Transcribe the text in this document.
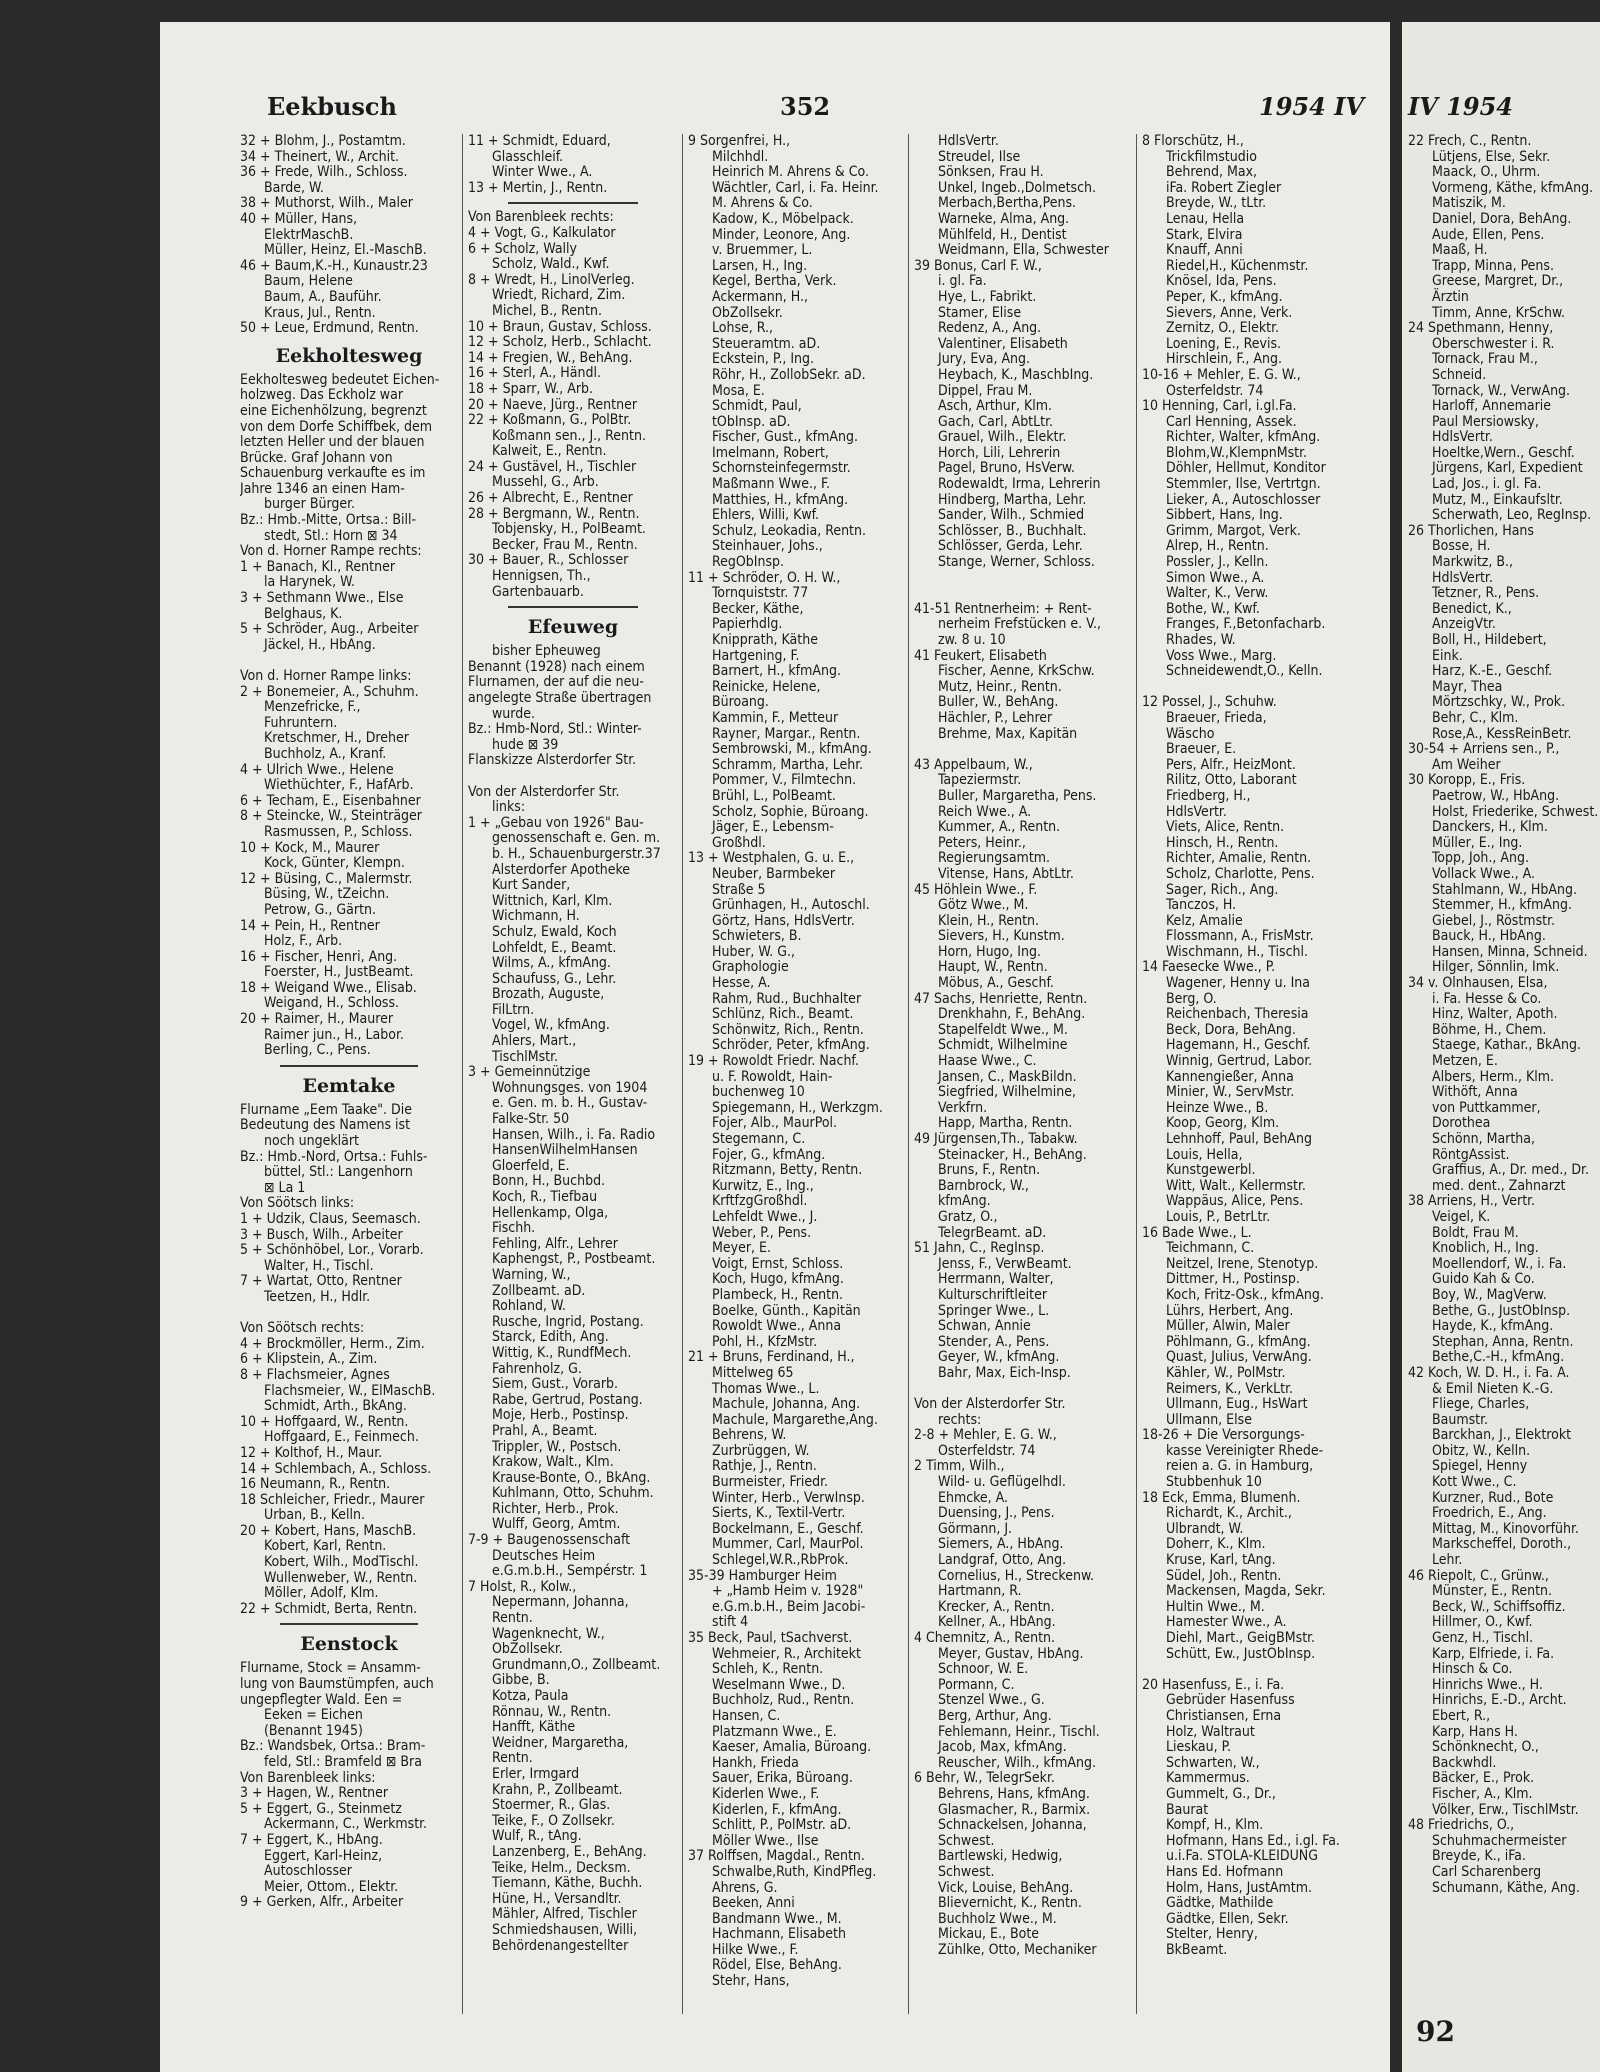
Eekbusch	352	1954 IV
32 + Blohm, J., Postamtm.
34 + Theinert, W., Archit.
36 + Frede, Wilh., Schloss.
Barde, W.
38 + Muthorst, Wilh., Maler
40 + Müller, Hans,
ElektrMaschB.
Müller, Heinz, El.-MaschB.
46 + Baum,K.-H., Kunaustr.23
Baum, Helene
Baum, A., Bauführ.
Kraus, Jul., Rentn.
50 + Leue, Erdmund, Rentn.
Eekholtesweg
Eekholtesweg bedeutet Eichen-
holzweg. Das Eckholz war
eine Eichenhölzung, begrenzt
von dem Dorfe Schiffbek, dem
letzten Heller und der blauen
Brücke. Graf Johann von
Schauenburg verkaufte es im
Jahre 1346 an einen Ham-
burger Bürger.
Bz.: Hmb.-Mitte, Ortsa.: Bill-
stedt, Stl.: Horn ⊠ 34
Von d. Horner Rampe rechts:
1 + Banach, Kl., Rentner
la Harynek, W.
3 + Sethmann Wwe., Else
Belghaus, K.
5 + Schröder, Aug., Arbeiter
Jäckel, H., HbAng.
Von d. Horner Rampe links:
2 + Bonemeier, A., Schuhm.
Menzefricke, F.,
Fuhruntern.
Kretschmer, H., Dreher
Buchholz, A., Kranf.
4 + Ulrich Wwe., Helene
Wiethüchter, F., HafArb.
6 + Techam, E., Eisenbahner
8 + Steincke, W., Steinträger
Rasmussen, P., Schloss.
10 + Kock, M., Maurer
Kock, Günter, Klempn.
12 + Büsing, C., Malermstr.
Büsing, W., tZeichn.
Petrow, G., Gärtn.
14 + Pein, H., Rentner
Holz, F., Arb.
16 + Fischer, Henri, Ang.
Foerster, H., JustBeamt.
18 + Weigand Wwe., Elisab.
Weigand, H., Schloss.
20 + Raimer, H., Maurer
Raimer jun., H., Labor.
Berling, C., Pens.
Eemtake
Flurname „Eem Taake". Die
Bedeutung des Namens ist
noch ungeklärt
Bz.: Hmb.-Nord, Ortsa.: Fuhls-
büttel, Stl.: Langenhorn
⊠ La 1
Von Söötsch links:
1 + Udzik, Claus, Seemasch.
3 + Busch, Wilh., Arbeiter
5 + Schönhöbel, Lor., Vorarb.
Walter, H., Tischl.
7 + Wartat, Otto, Rentner
Teetzen, H., Hdlr.
Von Söötsch rechts:
4 + Brockmöller, Herm., Zim.
6 + Klipstein, A., Zim.
8 + Flachsmeier, Agnes
Flachsmeier, W., ElMaschB.
Schmidt, Arth., BkAng.
10 + Hoffgaard, W., Rentn.
Hoffgaard, E., Feinmech.
12 + Kolthof, H., Maur.
14 + Schlembach, A., Schloss.
16 Neumann, R., Rentn.
18 Schleicher, Friedr., Maurer
Urban, B., Kelln.
20 + Kobert, Hans, MaschB.
Kobert, Karl, Rentn.
Kobert, Wilh., ModTischl.
Wullenweber, W., Rentn.
Möller, Adolf, Klm.
22 + Schmidt, Berta, Rentn.
Eenstock
Flurname, Stock = Ansamm-
lung von Baumstümpfen, auch
ungepflegter Wald. Een =
Eeken = Eichen
(Benannt 1945)
Bz.: Wandsbek, Ortsa.: Bram-
feld, Stl.: Bramfeld ⊠ Bra
Von Barenbleek links:
3 + Hagen, W., Rentner
5 + Eggert, G., Steinmetz
Ackermann, C., Werkmstr.
7 + Eggert, K., HbAng.
Eggert, Karl-Heinz,
Autoschlosser
Meier, Ottom., Elektr.
9 + Gerken, Alfr., Arbeiter
11 + Schmidt, Eduard,
Glasschleif.
Winter Wwe., A.
13 + Mertin, J., Rentn.
Von Barenbleek rechts:
4 + Vogt, G., Kalkulator
6 + Scholz, Wally
Scholz, Wald., Kwf.
8 + Wredt, H., LinolVerleg.
Wriedt, Richard, Zim.
Michel, B., Rentn.
10 + Braun, Gustav, Schloss.
12 + Scholz, Herb., Schlacht.
14 + Fregien, W., BehAng.
16 + Sterl, A., Händl.
18 + Sparr, W., Arb.
20 + Naeve, Jürg., Rentner
22 + Koßmann, G., PolBtr.
Koßmann sen., J., Rentn.
Kalweit, E., Rentn.
24 + Gustävel, H., Tischler
Mussehl, G., Arb.
26 + Albrecht, E., Rentner
28 + Bergmann, W., Rentn.
Tobjensky, H., PolBeamt.
Becker, Frau M., Rentn.
30 + Bauer, R., Schlosser
Hennigsen, Th.,
Gartenbauarb.
Efeuweg
bisher Epheuweg
Benannt (1928) nach einem
Flurnamen, der auf die neu-
angelegte Straße übertragen
wurde.
Bz.: Hmb-Nord, Stl.: Winter-
hude ⊠ 39
Flanskizze Alsterdorfer Str.
Von der Alsterdorfer Str.
links:
1 + „Gebau von 1926" Bau-
genossenschaft e. Gen. m.
b. H., Schauenburgerstr.37
Alsterdorfer Apotheke
Kurt Sander,
Wittnich, Karl, Klm.
Wichmann, H.
Schulz, Ewald, Koch
Lohfeldt, E., Beamt.
Wilms, A., kfmAng.
Schaufuss, G., Lehr.
Brozath, Auguste,
FilLtrn.
Vogel, W., kfmAng.
Ahlers, Mart.,
TischlMstr.
3 + Gemeinnützige
Wohnungsges. von 1904
e. Gen. m. b. H., Gustav-
Falke-Str. 50
Hansen, Wilh., i. Fa. Radio
HansenWilhelmHansen
Gloerfeld, E.
Bonn, H., Buchbd.
Koch, R., Tiefbau
Hellenkamp, Olga,
Fischh.
Fehling, Alfr., Lehrer
Kaphengst, P., Postbeamt.
Warning, W.,
Zollbeamt. aD.
Rohland, W.
Rusche, Ingrid, Postang.
Starck, Edith, Ang.
Wittig, K., RundfMech.
Fahrenholz, G.
Siem, Gust., Vorarb.
Rabe, Gertrud, Postang.
Moje, Herb., Postinsp.
Prahl, A., Beamt.
Trippler, W., Postsch.
Krakow, Walt., Klm.
Krause-Bonte, O., BkAng.
Kuhlmann, Otto, Schuhm.
Richter, Herb., Prok.
Wulff, Georg, Amtm.
7-9 + Baugenossenschaft
Deutsches Heim
e.G.m.b.H., Sempérstr. 1
7 Holst, R., Kolw.,
Nepermann, Johanna,
Rentn.
Wagenknecht, W.,
ObZollsekr.
Grundmann,O., Zollbeamt.
Gibbe, B.
Kotza, Paula
Rönnau, W., Rentn.
Hanfft, Käthe
Weidner, Margaretha,
Rentn.
Erler, Irmgard
Krahn, P., Zollbeamt.
Stoermer, R., Glas.
Teike, F., O Zollsekr.
Wulf, R., tAng.
Lanzenberg, E., BehAng.
Teike, Helm., Decksm.
Tiemann, Käthe, Buchh.
Hüne, H., Versandltr.
Mähler, Alfred, Tischler
Schmiedshausen, Willi,
Behördenangestellter
9 Sorgenfrei, H.,
Milchhdl.
Heinrich M. Ahrens & Co.
Wächtler, Carl, i. Fa. Heinr.
M. Ahrens & Co.
Kadow, K., Möbelpack.
Minder, Leonore, Ang.
v. Bruemmer, L.
Larsen, H., Ing.
Kegel, Bertha, Verk.
Ackermann, H.,
ObZollsekr.
Lohse, R.,
Steueramtm. aD.
Eckstein, P., Ing.
Röhr, H., ZollobSekr. aD.
Mosa, E.
Schmidt, Paul,
tObInsp. aD.
Fischer, Gust., kfmAng.
Imelmann, Robert,
Schornsteinfegermstr.
Maßmann Wwe., F.
Matthies, H., kfmAng.
Ehlers, Willi, Kwf.
Schulz, Leokadia, Rentn.
Steinhauer, Johs.,
RegObInsp.
11 + Schröder, O. H. W.,
Tornquiststr. 77
Becker, Käthe,
Papierhdlg.
Knipprath, Käthe
Hartgening, F.
Barnert, H., kfmAng.
Reinicke, Helene,
Büroang.
Kammin, F., Metteur
Rayner, Margar., Rentn.
Sembrowski, M., kfmAng.
Schramm, Martha, Lehr.
Pommer, V., Filmtechn.
Brühl, L., PolBeamt.
Scholz, Sophie, Büroang.
Jäger, E., Lebensm-
Großhdl.
13 + Westphalen, G. u. E.,
Neuber, Barmbeker
Straße 5
Grünhagen, H., Autoschl.
Görtz, Hans, HdlsVertr.
Schwieters, B.
Huber, W. G.,
Graphologie
Hesse, A.
Rahm, Rud., Buchhalter
Schlünz, Rich., Beamt.
Schönwitz, Rich., Rentn.
Schröder, Peter, kfmAng.
19 + Rowoldt Friedr. Nachf.
u. F. Rowoldt, Hain-
buchenweg 10
Spiegemann, H., Werkzgm.
Fojer, Alb., MaurPol.
Stegemann, C.
Fojer, G., kfmAng.
Ritzmann, Betty, Rentn.
Kurwitz, E., Ing.,
KrftfzgGroßhdl.
Lehfeldt Wwe., J.
Weber, P., Pens.
Meyer, E.
Voigt, Ernst, Schloss.
Koch, Hugo, kfmAng.
Plambeck, H., Rentn.
Boelke, Günth., Kapitän
Rowoldt Wwe., Anna
Pohl, H., KfzMstr.
21 + Bruns, Ferdinand, H.,
Mittelweg 65
Thomas Wwe., L.
Machule, Johanna, Ang.
Machule, Margarethe,Ang.
Behrens, W.
Zurbrüggen, W.
Rathje, J., Rentn.
Burmeister, Friedr.
Winter, Herb., VerwInsp.
Sierts, K., Textil-Vertr.
Bockelmann, E., Geschf.
Mummer, Carl, MaurPol.
Schlegel,W.R.,RbProk.
35-39 Hamburger Heim
+ „Hamb Heim v. 1928"
e.G.m.b.H., Beim Jacobi-
stift 4
35 Beck, Paul, tSachverst.
Wehmeier, R., Architekt
Schleh, K., Rentn.
Weselmann Wwe., D.
Buchholz, Rud., Rentn.
Hansen, C.
Platzmann Wwe., E.
Kaeser, Amalia, Büroang.
Hankh, Frieda
Sauer, Erika, Büroang.
Kiderlen Wwe., F.
Kiderlen, F., kfmAng.
Schlitt, P., PolMstr. aD.
Möller Wwe., Ilse
37 Rolffsen, Magdal., Rentn.
Schwalbe,Ruth, KindPfleg.
Ahrens, G.
Beeken, Anni
Bandmann Wwe., M.
Hachmann, Elisabeth
Hilke Wwe., F.
Rödel, Else, BehAng.
Stehr, Hans,
HdlsVertr.
Streudel, Ilse
Sönksen, Frau H.
Unkel, Ingeb.,Dolmetsch.
Merbach,Bertha,Pens.
Warneke, Alma, Ang.
Mühlfeld, H., Dentist
Weidmann, Ella, Schwester
39 Bonus, Carl F. W.,
i. gl. Fa.
Hye, L., Fabrikt.
Stamer, Elise
Redenz, A., Ang.
Valentiner, Elisabeth
Jury, Eva, Ang.
Heybach, K., MaschbIng.
Dippel, Frau M.
Asch, Arthur, Klm.
Gach, Carl, AbtLtr.
Grauel, Wilh., Elektr.
Horch, Lili, Lehrerin
Pagel, Bruno, HsVerw.
Rodewaldt, Irma, Lehrerin
Hindberg, Martha, Lehr.
Sander, Wilh., Schmied
Schlösser, B., Buchhalt.
Schlösser, Gerda, Lehr.
Stange, Werner, Schloss.
41-51 Rentnerheim: + Rent-
nerheim Frefstücken e. V.,
zw. 8 u. 10
41 Feukert, Elisabeth
Fischer, Aenne, KrkSchw.
Mutz, Heinr., Rentn.
Buller, W., BehAng.
Hächler, P., Lehrer
Brehme, Max, Kapitän
43 Appelbaum, W.,
Tapeziermstr.
Buller, Margaretha, Pens.
Reich Wwe., A.
Kummer, A., Rentn.
Peters, Heinr.,
Regierungsamtm.
Vitense, Hans, AbtLtr.
45 Höhlein Wwe., F.
Götz Wwe., M.
Klein, H., Rentn.
Sievers, H., Kunstm.
Horn, Hugo, Ing.
Haupt, W., Rentn.
Möbus, A., Geschf.
47 Sachs, Henriette, Rentn.
Drenkhahn, F., BehAng.
Stapelfeldt Wwe., M.
Schmidt, Wilhelmine
Haase Wwe., C.
Jansen, C., MaskBildn.
Siegfried, Wilhelmine,
Verkfrn.
Happ, Martha, Rentn.
49 Jürgensen,Th., Tabakw.
Steinacker, H., BehAng.
Bruns, F., Rentn.
Barnbrock, W.,
kfmAng.
Gratz, O.,
TelegrBeamt. aD.
51 Jahn, C., RegInsp.
Jenss, F., VerwBeamt.
Herrmann, Walter,
Kulturschriftleiter
Springer Wwe., L.
Schwan, Annie
Stender, A., Pens.
Geyer, W., kfmAng.
Bahr, Max, Eich-Insp.
Von der Alsterdorfer Str.
rechts:
2-8 + Mehler, E. G. W.,
Osterfeldstr. 74
2 Timm, Wilh.,
Wild- u. Geflügelhdl.
Ehmcke, A.
Duensing, J., Pens.
Görmann, J.
Siemers, A., HbAng.
Landgraf, Otto, Ang.
Cornelius, H., Streckenw.
Hartmann, R.
Krecker, A., Rentn.
Kellner, A., HbAng.
4 Chemnitz, A., Rentn.
Meyer, Gustav, HbAng.
Schnoor, W. E.
Pormann, C.
Stenzel Wwe., G.
Berg, Arthur, Ang.
Fehlemann, Heinr., Tischl.
Jacob, Max, kfmAng.
Reuscher, Wilh., kfmAng.
6 Behr, W., TelegrSekr.
Behrens, Hans, kfmAng.
Glasmacher, R., Barmix.
Schnackelsen, Johanna,
Schwest.
Bartlewski, Hedwig,
Schwest.
Vick, Louise, BehAng.
Blievernicht, K., Rentn.
Buchholz Wwe., M.
Mickau, E., Bote
Zühlke, Otto, Mechaniker
8 Florschütz, H.,
Trickfilmstudio
Behrend, Max,
iFa. Robert Ziegler
Breyde, W., tLtr.
Lenau, Hella
Stark, Elvira
Knauff, Anni
Riedel,H., Küchenmstr.
Knösel, Ida, Pens.
Peper, K., kfmAng.
Sievers, Anne, Verk.
Zernitz, O., Elektr.
Loening, E., Revis.
Hirschlein, F., Ang.
10-16 + Mehler, E. G. W.,
Osterfeldstr. 74
10 Henning, Carl, i.gl.Fa.
Carl Henning, Assek.
Richter, Walter, kfmAng.
Blohm,W.,KlempnMstr.
Döhler, Hellmut, Konditor
Stemmler, Ilse, Vertrtgn.
Lieker, A., Autoschlosser
Sibbert, Hans, Ing.
Grimm, Margot, Verk.
Alrep, H., Rentn.
Possler, J., Kelln.
Simon Wwe., A.
Walter, K., Verw.
Bothe, W., Kwf.
Franges, F.,Betonfacharb.
Rhades, W.
Voss Wwe., Marg.
Schneidewendt,O., Kelln.
12 Possel, J., Schuhw.
Braeuer, Frieda,
Wäscho
Braeuer, E.
Pers, Alfr., HeizMont.
Rilitz, Otto, Laborant
Friedberg, H.,
HdlsVertr.
Viets, Alice, Rentn.
Hinsch, H., Rentn.
Richter, Amalie, Rentn.
Scholz, Charlotte, Pens.
Sager, Rich., Ang.
Tanczos, H.
Kelz, Amalie
Flossmann, A., FrisMstr.
Wischmann, H., Tischl.
14 Faesecke Wwe., P.
Wagener, Henny u. Ina
Berg, O.
Reichenbach, Theresia
Beck, Dora, BehAng.
Hagemann, H., Geschf.
Winnig, Gertrud, Labor.
Kannengießer, Anna
Minier, W., ServMstr.
Heinze Wwe., B.
Koop, Georg, Klm.
Lehnhoff, Paul, BehAng
Louis, Hella,
Kunstgewerbl.
Witt, Walt., Kellermstr.
Wappäus, Alice, Pens.
Louis, P., BetrLtr.
16 Bade Wwe., L.
Teichmann, C.
Neitzel, Irene, Stenotyp.
Dittmer, H., Postinsp.
Koch, Fritz-Osk., kfmAng.
Lührs, Herbert, Ang.
Müller, Alwin, Maler
Pöhlmann, G., kfmAng.
Quast, Julius, VerwAng.
Kähler, W., PolMstr.
Reimers, K., VerkLtr.
Ullmann, Eug., HsWart
Ullmann, Else
18-26 + Die Versorgungs-
kasse Vereinigter Rhede-
reien a. G. in Hamburg,
Stubbenhuk 10
18 Eck, Emma, Blumenh.
Richardt, K., Archit.,
Ulbrandt, W.
Doherr, K., Klm.
Kruse, Karl, tAng.
Südel, Joh., Rentn.
Mackensen, Magda, Sekr.
Hultin Wwe., M.
Hamester Wwe., A.
Diehl, Mart., GeigBMstr.
Schütt, Ew., JustObInsp.
20 Hasenfuss, E., i. Fa.
Gebrüder Hasenfuss
Christiansen, Erna
Holz, Waltraut
Lieskau, P.
Schwarten, W.,
Kammermus.
Gummelt, G., Dr.,
Baurat
Kompf, H., Klm.
Hofmann, Hans Ed., i.gl. Fa.
u.i.Fa. STOLA-KLEIDUNG
Hans Ed. Hofmann
Holm, Hans, JustAmtm.
Gädtke, Mathilde
Gädtke, Ellen, Sekr.
Stelter, Henry,
BkBeamt.
IV 1954
22 Frech, C., Rentn.
Lütjens, Else, Sekr.
Maack, O., Uhrm.
Vormeng, Käthe, kfmAng.
Matiszik, M.
Daniel, Dora, BehAng.
Aude, Ellen, Pens.
Maaß, H.
Trapp, Minna, Pens.
Greese, Margret, Dr.,
Ärztin
Timm, Anne, KrSchw.
24 Spethmann, Henny,
Oberschwester i. R.
Tornack, Frau M.,
Schneid.
Tornack, W., VerwAng.
Harloff, Annemarie
Paul Mersiowsky,
HdlsVertr.
Hoeltke,Wern., Geschf.
Jürgens, Karl, Expedient
Lad, Jos., i. gl. Fa.
Mutz, M., Einkaufsltr.
Scherwath, Leo, RegInsp.
26 Thorlichen, Hans
Bosse, H.
Markwitz, B.,
HdlsVertr.
Tetzner, R., Pens.
Benedict, K.,
AnzeigVtr.
Boll, H., Hildebert,
Eink.
Harz, K.-E., Geschf.
Mayr, Thea
Mörtzschky, W., Prok.
Behr, C., Klm.
Rose,A., KessReinBetr.
30-54 + Arriens sen., P.,
Am Weiher
30 Koropp, E., Fris.
Paetrow, W., HbAng.
Holst, Friederike, Schwest.
Danckers, H., Klm.
Müller, E., Ing.
Topp, Joh., Ang.
Vollack Wwe., A.
Stahlmann, W., HbAng.
Stemmer, H., kfmAng.
Giebel, J., Röstmstr.
Bauck, H., HbAng.
Hansen, Minna, Schneid.
Hilger, Sönnlin, Imk.
34 v. Olnhausen, Elsa,
i. Fa. Hesse & Co.
Hinz, Walter, Apoth.
Böhme, H., Chem.
Staege, Kathar., BkAng.
Metzen, E.
Albers, Herm., Klm.
Withöft, Anna
von Puttkammer,
Dorothea
Schönn, Martha,
RöntgAssist.
Graffius, A., Dr. med., Dr.
med. dent., Zahnarzt
38 Arriens, H., Vertr.
Veigel, K.
Boldt, Frau M.
Knoblich, H., Ing.
Moellendorf, W., i. Fa.
Guido Kah & Co.
Boy, W., MagVerw.
Bethe, G., JustObInsp.
Hayde, K., kfmAng.
Stephan, Anna, Rentn.
Bethe,C.-H., kfmAng.
42 Koch, W. D. H., i. Fa. A.
& Emil Nieten K.-G.
Fliege, Charles,
Baumstr.
Barckhan, J., Elektrokt
Obitz, W., Kelln.
Spiegel, Henny
Kott Wwe., C.
Kurzner, Rud., Bote
Froedrich, E., Ang.
Mittag, M., Kinovorführ.
Markscheffel, Doroth.,
Lehr.
46 Riepolt, C., Grünw.,
Münster, E., Rentn.
Beck, W., Schiffsoffiz.
Hillmer, O., Kwf.
Genz, H., Tischl.
Karp, Elfriede, i. Fa.
Hinsch & Co.
Hinrichs Wwe., H.
Hinrichs, E.-D., Archt.
Ebert, R.,
Karp, Hans H.
Schönknecht, O.,
Backwhdl.
Bäcker, E., Prok.
Fischer, A., Klm.
Völker, Erw., TischlMstr.
48 Friedrichs, O.,
Schuhmachermeister
Breyde, K., iFa.
Carl Scharenberg
Schumann, Käthe, Ang.
92
